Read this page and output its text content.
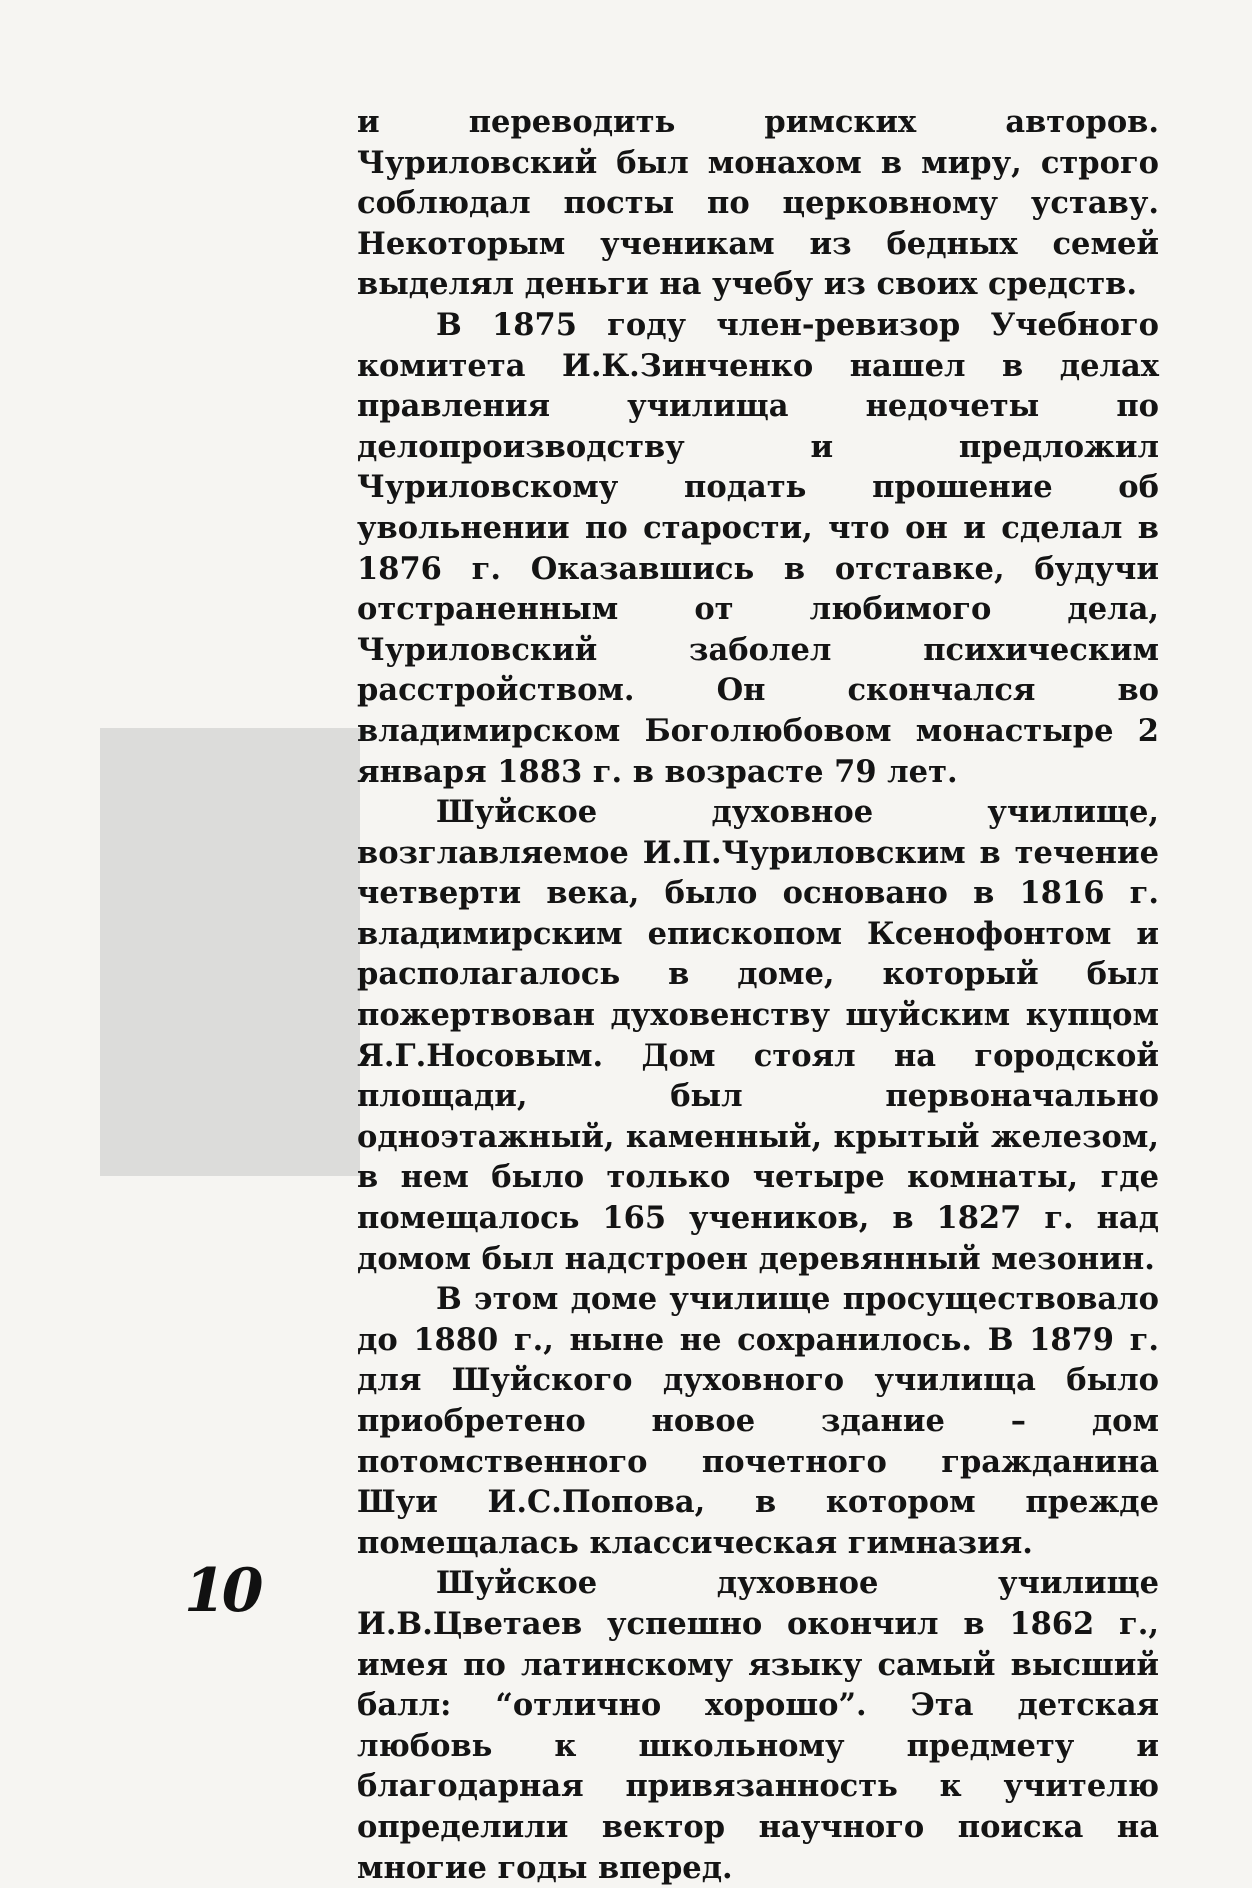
и переводить римских авторов. Чуриловский был монахом в миру, строго соблюдал посты по церковному уставу. Некоторым ученикам из бедных семей выделял деньги на учебу из своих средств.

В 1875 году член-ревизор Учебного комитета И.К.Зинченко нашел в делах правления училища недочеты по делопроизводству и предложил Чуриловскому подать прошение об увольнении по старости, что он и сделал в 1876 г. Оказавшись в отставке, будучи отстраненным от любимого дела, Чуриловский заболел психическим расстройством. Он скончался во владимирском Боголюбовом монастыре 2 января 1883 г. в возрасте 79 лет.

Шуйское духовное училище, возглавляемое И.П.Чуриловским в течение четверти века, было основано в 1816 г. владимирским епископом Ксенофонтом и располагалось в доме, который был пожертвован духовенству шуйским купцом Я.Г.Носовым. Дом стоял на городской площади, был первоначально одноэтажный, каменный, крытый железом, в нем было только четыре комнаты, где помещалось 165 учеников, в 1827 г. над домом был надстроен деревянный мезонин.

В этом доме училище просуществовало до 1880 г., ныне не сохранилось. В 1879 г. для Шуйского духовного училища было приобретено новое здание – дом потомственного почетного гражданина Шуи И.С.Попова, в котором прежде помещалась классическая гимназия.

Шуйское духовное училище И.В.Цветаев успешно окончил в 1862 г., имея по латинскому языку самый высший балл: “отлично хорошо”. Эта детская любовь к школьному предмету и благодарная привязанность к учителю определили вектор научного поиска на многие годы вперед.

10
